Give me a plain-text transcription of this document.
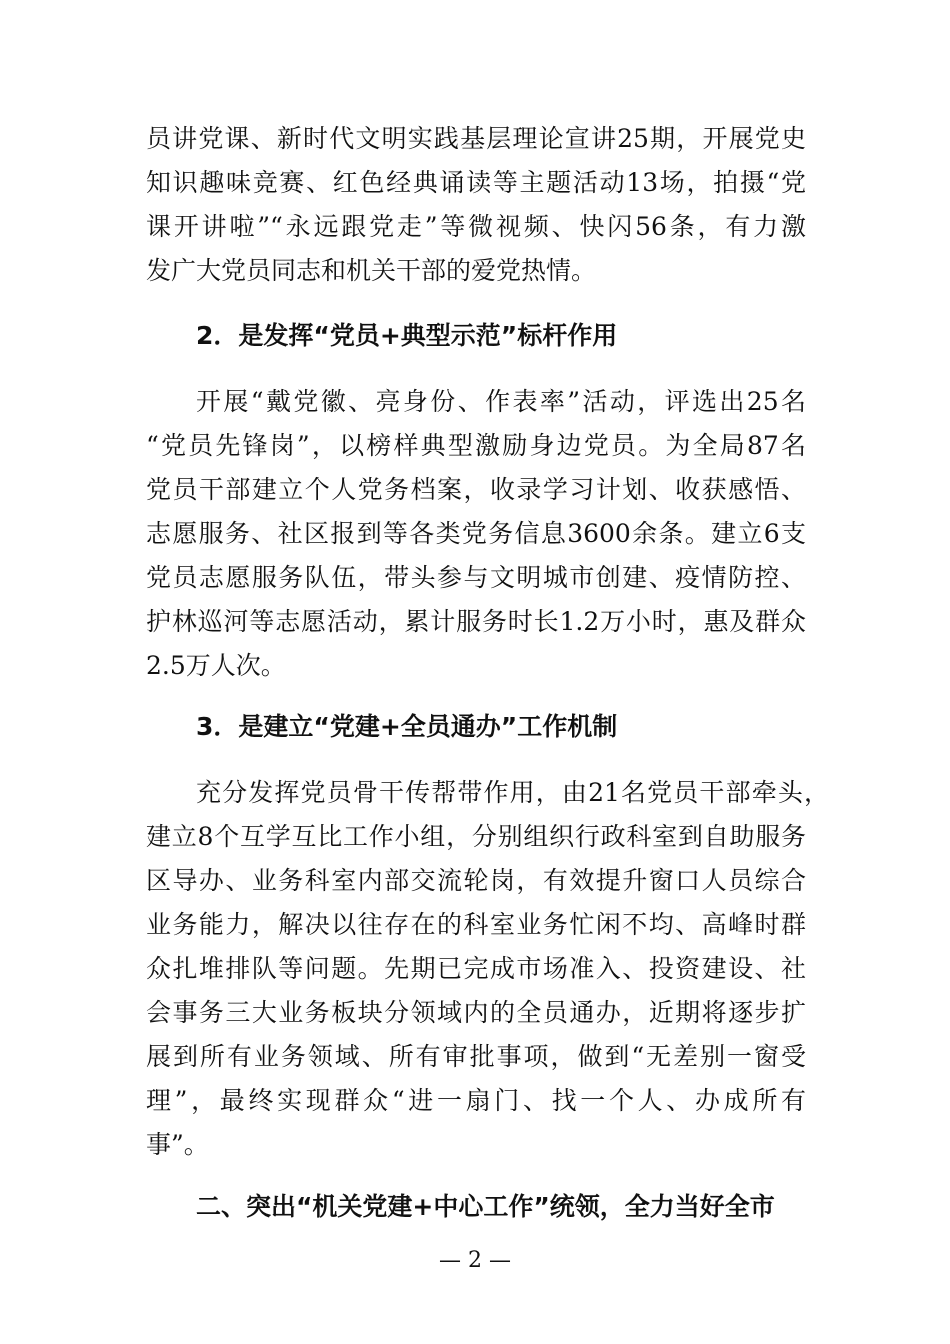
员讲党课、新时代文明实践基层理论宣讲25期，开展党史
知识趣味竞赛、红色经典诵读等主题活动13场，拍摄“党
课开讲啦”“永远跟党走”等微视频、快闪56条，有力激
发广大党员同志和机关干部的爱党热情。
2．是发挥“党员+典型示范”标杆作用
开展“戴党徽、亮身份、作表率”活动，评选出25名
“党员先锋岗”，以榜样典型激励身边党员。为全局87名
党员干部建立个人党务档案，收录学习计划、收获感悟、
志愿服务、社区报到等各类党务信息3600余条。建立6支
党员志愿服务队伍，带头参与文明城市创建、疫情防控、
护林巡河等志愿活动，累计服务时长1.2万小时，惠及群众
2.5万人次。
3．是建立“党建+全员通办”工作机制
充分发挥党员骨干传帮带作用，由21名党员干部牵头，
建立8个互学互比工作小组，分别组织行政科室到自助服务
区导办、业务科室内部交流轮岗，有效提升窗口人员综合
业务能力，解决以往存在的科室业务忙闲不均、高峰时群
众扎堆排队等问题。先期已完成市场准入、投资建设、社
会事务三大业务板块分领域内的全员通办，近期将逐步扩
展到所有业务领域、所有审批事项，做到“无差别一窗受
理”，最终实现群众“进一扇门、找一个人、办成所有
事”。
二、突出“机关党建+中心工作”统领，全力当好全市
— 2 —
